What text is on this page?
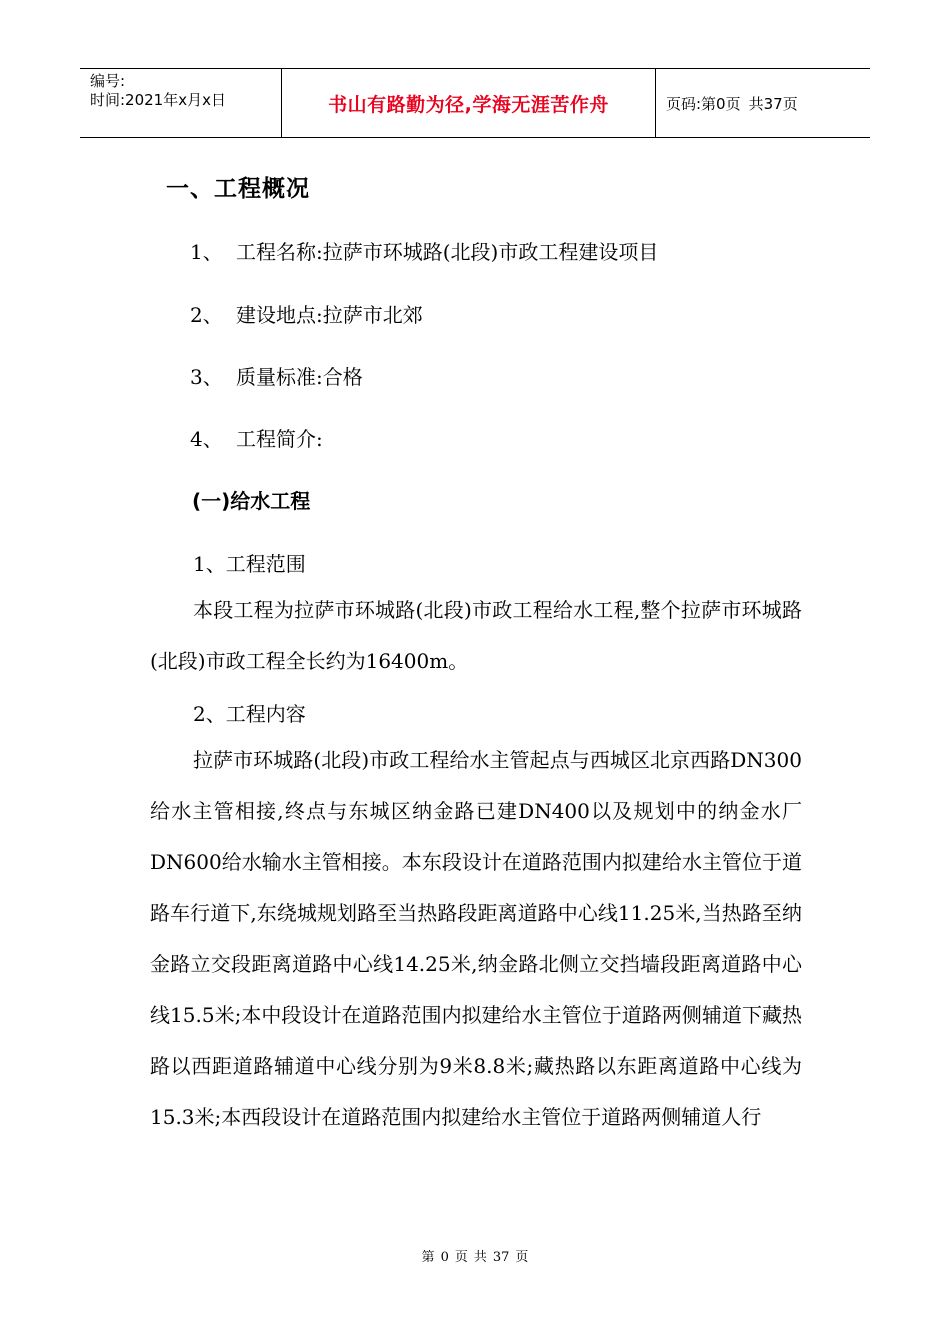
编号:
时间:2021年x月x日	书山有路勤为径,学海无涯苦作舟	页码:第0页 共37页
一、工程概况
1、 工程名称:拉萨市环城路(北段)市政工程建设项目
2、 建设地点:拉萨市北郊
3、 质量标准:合格
4、 工程简介:
(一)给水工程
1、工程范围

本段工程为拉萨市环城路(北段)市政工程给水工程,整个拉萨市环城路(北段)市政工程全长约为16400m。

2、工程内容

拉萨市环城路(北段)市政工程给水主管起点与西城区北京西路DN300给水主管相接,终点与东城区纳金路已建DN400以及规划中的纳金水厂DN600给水输水主管相接。本东段设计在道路范围内拟建给水主管位于道路车行道下,东绕城规划路至当热路段距离道路中心线11.25米,当热路至纳金路立交段距离道路中心线14.25米,纳金路北侧立交挡墙段距离道路中心线15.5米;本中段设计在道路范围内拟建给水主管位于道路两侧辅道下藏热路以西距道路辅道中心线分别为9米8.8米;藏热路以东距离道路中心线为15.3米;本西段设计在道路范围内拟建给水主管位于道路两侧辅道人行

第 0 页 共 37 页
